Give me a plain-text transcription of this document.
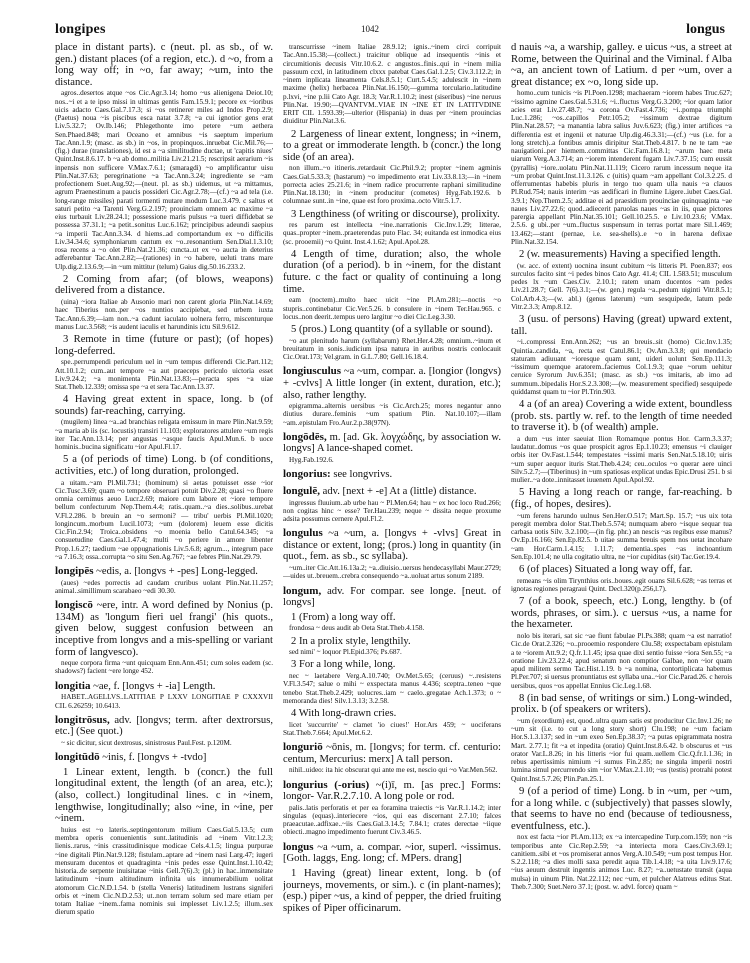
longipes	1042	longus

place in distant parts). c (neut. pl. as sb., of w. gen.) distant places (of a region, etc.). d ~o, from a long way off; in ~o, far away; ~um, into the distance.

agros..desertos atque ~os Cic.Agr.3.14; homo ~us alienigena Deiot.10; nos..~i et a te ipso missi in ultimas gentis Fam.15.9.1; pecore ex ~ioribus uicis adacto Caes.Gal.7.17.3; si ~os retinerer miles ad Indos Prop.2.9; (Paetus) noua ~is piscibus esca natat 3.7.8; ~a cui ignotior gens erat Liv.5.32.7; Ov.Ib.146; Phlegethonte imo petere ~um aethera Sen.Phaed.848; mari Oceano et amnibus ~is saeptum imperium Tac.Ann.1.9; (masc. as sb.) in ~os, in propinquos..inruebat Cic.Mil.76;—(fig.) durae (translationes), id est a ~a similitudine ductae, ut 'capitis niues' Quint.Inst.8.6.17. b ~a ab domo..militia Liv.21.21.5; rescripsit aerarium ~is inpensis non sufficere V.Max.7.6.1; (smaragdi) ~o amplificantur uisu Plin.Nat.37.63; peregrinatione ~a Tac.Ann.3.24; ingrediente se ~am profectionem Suet.Aug.92;—(neut. pl. as sb.) uidemus, ut ~a mittamus, agrum Praenestinum a paucis possideri Cic.Agr.2.78;—(cf.) ~a ad tela (i.e. long-range missiles) parati tormenti mutare modum Luc.3.479. c saltus et saturi petito ~a Tarenti Verg.G.2.197; prouinciam omnem ac maxime ~a eius turbauit Liv.28.24.1; possessione maris pulsus ~a tueri diffidebat se possessa 37.31.1; ~a petit..sonitus Luc.6.162; principibus adeundi saepius ~a imperii Tac.Ann.3.34. d hiems..ad comportandum ex ~o difficilis Liv.34.34.6; symphoniarum cantum ex ~o..resonantium Sen.Dial.1.3.10; rosa recens a ~o olet Plin.Nat.21.36; cuncta..ut ex ~o aucta in deterius adferebantur Tac.Ann.2.82;—(rationes) in ~o habere, ueluti trans mare Ulp.dig.2.13.6.9;—in ~um mittitur (telum) Gaius dig.50.16.233.2.

2 Coming from afar; (of blows, weapons) delivered from a distance.

(uina) ~iora Italiae ab Ausonio mari non carent gloria Plin.Nat.14.69; haec Tiberius non..per ~os nuntios accipiebat, sed urbem iuxta Tac.Ann.6.39;—iam non..~a cadunt iaculato uolnera ferro, miscenturque manus Luc.3.568; ~is audent iaculis et harundinis ictu Sil.9.612.

3 Remote in time (future or past); (of hopes) long-deferred.

spe..perrumpendi periculum uel in ~um tempus differendi Cic.Part.112; Att.10.1.2; cum..aut tempore ~a aut praeceps periculo uictoria esset Liv.9.24.2; ~a monimenta Plin.Nat.13.83;—peracta spes ~a uiae Stat.Theb.12.339; omissa spe ~a et sera Tac.Ann.13.37.

4 Having great extent in space, long. b (of sounds) far-reaching, carrying.

(mugilem) linea ~a..ad branchias religata emissum in mare Plin.Nat.9.59; ~a maria ab iis (sc. locustis) transiri 11.103; exploratores attulere ~um regis iter Tac.Ann.13.14; per angustas ~asque faucis Apul.Mun.6. b uoce hominis..bucina significatu ~ior Apul.Fl.17.

5 a (of periods of time) Long. b (of conditions, activities, etc.) of long duration, prolonged.

a uitam..~am Pl.Mil.731; (hominum) si aetas potuisset esse ~ior Cic.Tusc.3.69; quam ~o tempore obseruari potuit Div.2.28; quasi ~o fluere omnia cernimus aeuo Lucr.2.69; maiore cum labore et ~iore tempore bellum confecturum Nep.Them.4.4; ratis..quam..~a dies..solibus..urebat V.Fl.2.286. b breuin an ~o sermoni? — tribu' uerbis Pl.Mil.1020; longincum..morbum Lucil.1073; ~um (dolorem) leuem esse dicitis Cic.Fin.2.94; Troica..obsidens ~o moenia bello Catul.64.345; ~a consuetudine Caes.Gal.1.47.4; multi ~o periere in amore libenter Prop.1.6.27; taedium ~ae oppugnationis Liv.5.6.8; agrum..., integrum pace ~a 7.16.3; ossa..corrupta ~o situ Sen.Ag.767; ~ae febres Plin.Nat.29.79.

longipēs ~edis, a. [longvs + -pes] Long-legged.

(aues) ~edes porrectis ad caudam cruribus uolant Plin.Nat.11.257; animal..simillimum scarabaeo ~edi 30.30.

longiscō ~ere, intr. A word defined by Nonius (p. 134M) as 'longum fieri uel frangi' (his quots., given below, suggest confusion between an inceptive from longvs and a mis-spelling or variant form of langvesco).

neque corpora firma ~unt quicquam Enn.Ann.451; cum soles eadem (sc. shadows?) facient ~ere longe 452.

longitia ~ae, f. [longvs + -ia] Length.

HABET..AGELLVS..LATITIAE P LXXV LONGITIAE P CXXXVII CIL 6.26259; 10.6413.

longitrōsus, adv. [longvs; term. after dextrorsus, etc.] (See quot.)

~ sic dicitur, sicut dextrosus, sinistrosus Paul.Fest. p.120M.

longitūdō ~inis, f. [longvs + -tvdo]

1 Linear extent, length. b (concr.) the full longitudinal extent, the length (of an area, etc.); (also, collect.) longitudinal lines. c in ~inem, lengthwise, longitudinally; also ~ine, in ~ine, per ~inem.

huius est ~o lateris..septingentorum milium Caes.Gal.5.13.5; cum membra operis conuenientis sunt..latitudinis ad ~inem Vitr.1.2.3; lienis..rarus, ~inis crassitudinisque modicae Cels.4.1.5; lingua purpurae ~ine digitali Plin.Nat.9.128; fistulam..aptare ad ~inem nasi Larg.47; iugeri mensuram ducentos et quadraginta ~inis pedes esse Quint.Inst.1.10.42; historia..de serpente inuisitatae ~inis Gell.7(6).3; (pl.) in hac..inmensitate latitudinum ~inum altitudinum infinita uis innumerabilium uolitat atomorum Cic.N.D.1.54. b (stella Veneris) latitudinem lustrans signiferi orbis et ~inem Cic.N.D.2.53; ut..non terram solum sed mare etiam per totam Italiae ~inem..fama nominis sui implesset Liv.1.2.5; illum..sex dierum spatio

transcurrisse ~inem Italiae 28.9.12; ignis..~inem circi corripuit Tac.Ann.15.38;—(collect.) traicitur oblique ad insequentis ~inis et circumitionis decusis Vitr.10.6.2. c angustos..finis..qui in ~inem milia passuum ccxl, in latitudinem clxxx patebat Caes.Gal.1.2.5; Civ.3.112.2; in ~inem inplicata lineamenta Cels.8.5.1; Curt.5.4.5; adulescit in ~inem maxime (helix) herbacea Plin.Nat.16.150;—gumma torculario..latitudine p.lxvi, ~ine p.lii Cato Agr. 18.3; Var.R.1.10.2; inest (siseribus) ~ine neruus Plin.Nat. 19.90;—QVANTVM..VIAE IN ~INE ET IN LATITVDINE ERIT CIL 1.593.39;—ulterior (Hispania) in duas per ~inem prouincias diuiditur Plin.Nat.3.6.

2 Largeness of linear extent, longness; in ~inem, to a great or immoderate length. b (concr.) the long side (of an area).

non illum..~o itineris..retardauit Cic.Phil.9.2; propter ~inem agminis Caes.Gal.5.33.3; (hastarum) ~o impedimento erat Liv.33.8.13;—in ~inem porrecta acies 25.21.6; in ~inem radice procurrente raphani similitudine Plin.Nat.18.130; in ~inem producitur (cometes) Hyg.Fab.192.6. b columnae sunt..in ~ine, quae est foro proxima..octo Vitr.5.1.7.

3 Lengthiness (of writing or discourse), prolixity.

res parum est intellecta ~ine..narrationis Cic.Inv.1.29; litterae, quas..propter ~inem..praeterendas puto Flac. 34; euitanda est inmodica eius (sc. prooemii) ~o Quint. Inst.4.1.62; Apul.Apol.28.

4 Length of time, duration; also, the whole duration (of a period). b in ~inem, for the distant future. c the fact or quality of continuing a long time.

eam (noctem)..multo haec uicit ~ine Pl.Am.281;—noctis ~o stupris..continebatur Cic.Ver.5.26. b consulere in ~inem Ter.Hau.965. c locus..non deerit..tempus uero largitur ~o diei Cic.Leg.3.30.

5 (pros.) Long quantity (of a syllable or sound).

~o aut plenitudo harum (syllabarum) Rhet.Her.4.28; omnium..~inum et breuitatum in sonis..iudicium ipsa natura in auribus nostris conlocauit Cic.Orat.173; Vel.gram. in G.L.7.80; Gell.16.18.4.

longiusculus ~a ~um, compar. a. [longior (longvs) + -cvlvs] A little longer (in extent, duration, etc.); also, rather lengthy.

epigramma..alternis uersibus ~is Cic.Arch.25; mores negantur anno diutius durare..feminis ~um spatium Plin. Nat.10.107;—illam ~am..epistulam Fro.Aur.2.p.38(97N).

longōdēs, m. [ad. Gk. λογχώδης, by association w. longvs] A lance-shaped comet.

Hyg.Fab.192.6.

longorius: see longvrivs.

longulē, adv. [next + -e] At a (little) distance.

ingressus fluuium..ab urbe hau ~ Pl.Men.64; hau ~ ex hoc loco Rud.266; non cogitas hinc ~ esse? Ter.Hau.239; neque ~ dissita neque proxume adsita possumus cernere Apul.Fl.2.

longulus ~a ~um, a. [longvs + -vlvs] Great in distance or extent, long; (pros.) long in quantity (in quot., fem. as sb., sc syllaba).

~um..iter Cic.Att.16.13a.2; ~a..diuisio..uersus hendecasyllabi Maur.2729;—uides ut..breuem..crebra consequendo ~a..uoluat artus sonum 2189.

longum, adv. For compar. see longe. [neut. of longvs]

1 (From) a long way off.

frondosa ~ deus audit ab Oeta Stat.Theb.4.158.

2 In a prolix style, lengthily.

sed nimi' ~ loquor Pl.Epid.376; Ps.687.

3 For a long while, long.

nec ~ laetabere Verg.A.10.740; Ov.Met.5.65; (ceruus) ~..resistens V.Fl.3.547; salue o mihi ~ exspectata manus 4.436; sceptra..teneo ~que tenebo Stat.Theb.2.429; uolucres..iam ~ caelo..gregatae Ach.1.373; o ~ memoranda dies! Silv.1.3.13; 3.2.58.

4 With long-drawn cries.

licet 'succurrite' ~ clamet 'io ciues!' Hor.Ars 459; ~ uociferans Stat.Theb.7.664; Apul.Met.6.2.

longuriō ~ōnis, m. [longvs; for term. cf. centurio: centum, Mercurius: merx] A tall person.

nihil..uideo: ita hic obscurat qui ante me est, nescio qui ~o Var.Men.562.

longurius (-orius) ~(i)ī, m. [as prec.] Forms: longor- Var.R.2.7.10. A long pole or rod.

palis..latis perforatis et per ea foramina traiectis ~is Var.R.1.14.2; inter singulas (equas)..interiecere ~ios, qui eas discernant 2.7.10; falces praeacutae..adfixae..~iis Caes.Gal.3.14.5; 7.84.1; crates derectae ~iique obiecti..magno impedimento fuerunt Civ.3.46.5.

longus ~a ~um, a. compar. ~ior, superl. ~issimus. [Goth. laggs, Eng. long; cf. MPers. drang]

1 Having (great) linear extent, long. b (of journeys, movements, or sim.). c (in plant-names); (esp.) piper ~us, a kind of pepper, the dried fruiting spikes of Piper officinarum.

d nauis ~a, a warship, galley. e uicus ~us, a street at Rome, between the Quirinal and the Viminal. f Alba ~a, an ancient town of Latium. d per ~um, over a great distance; ex ~o, long side up.

homo..cum tunicis ~is Pl.Poen.1298; machaeram ~iorem habes Truc.627; ~issimo agmine Caes.Gal.5.31.6; ~i..fluctus Verg.G.3.200; ~ior quam latior acies erat Liv.27.48.7; ~a corona Ov.Fast.4.736; ~i..pompa triumphi Luc.1.286; ~os..capillos Petr.105.2; ~issimum dextrae digitum Plin.Nat.28.57; ~a manantia labra salius Juv.6.623; (fig.) inter artifices ~a differentia est et ingenii et naturae Ulp.dig.46.3.31;—(cf.) ~us (i.e. for a long stretch)..a fontibus amnis diripitur Stat.Theb.4.817. b ne te tam ~ae nauigationi..per hiemem..committas Cic.Fam.16.8.1; ~arum haec meta uiarum Verg.A.3.714; an ~iorem intenderent fugam Liv.7.37.15; cum eussit (pyrallis) ~iore..uolatu Plin.Nat.11.119; Cicero rarum incessum neque ita ~um probat Quint.Inst.11.3.126. c (uitis) quam ~am appellant Col.3.2.25. d offerrumentas habebis pluris in tergo tuo quam ulla nauis ~a clauos Pl.Rud.754; nauis interim ~as aedificari in flumine Ligere..iubet Caes.Gal. 3.9.1; Nep.Them.2.5; additae ei ad praesidium prouinciae quinquaginta ~ae naues Liv.27.22.6; quod..adiecerit paruolas naues ~as in iis, quae pictores parergia appellant Plin.Nat.35.101; Gell.10.25.5. e Liv.10.23.6; V.Max. 2.5.6. g ubi..per ~um..fluctus suspensum in terras portat mare Sil.1.469; 13.462;—stant (pernae, i.e. sea-shells)..e ~o in harena defixae Plin.Nat.32.154.

2 (w. measurements) Having a specified length.

(w. acc. of extent) uocnina insunt cubitum ~is litteris Pl. Poen.837; eos surculos facito sint ~i pedes binos Cato Agr. 41.4; CIL 1.583.51; musculum pedes lx ~um Caes.Civ. 2.10.1; ratem unam ducentos ~am pedes Liv.21.28.7; Gell. 7(6).3.1;—(w. gen.) regula ~a..pedum uiginti Vitr.8.5.1; Col.Arb.4.3;—(w. abl.) (genus laterum) ~um sesquipede, latum pede Vitr.2.3.3; Amp.8.12.

3 (usu. of persons) Having (great) upward extent, tall.

~i..compressi Enn.Ann.262; ~us an breuis..sit (homo) Cic.Inv.1.35; Quintia..candida, ~a, recta est Catul.86.1; Ov.Am.3.3.8; qui mendacio staturam adiuuant ~ioresque quam sunt, uideri uolunt Sen.Ep.111.3; ~issimum quemque aratorem..faciemus Col.1.9.3; quae ~orum uehitur ceruice Syrorum Juv.6.351; (masc. as sb.) ~os imitaris, ab imo ad summum..bipedalis Hor.S.2.3.308;—(w. measurement specified) sesquipede quiddamst quam tu ~ior Pl.Trin.903.

4 a (of an area) Covering a wide extent, boundless (prob. sts. partly w. ref. to the length of time needed to traverse it). b (of wealth) ample.

a dum ~us inter saeuiat Ilion Romamque pontus Hor. Carm.3.3.37; laudatur..domus ~os quae prospicit agros Ep.1.10.23; emensus ~i clauiger orbis iter Ov.Fast.1.544; tempestates ~issimi maris Sen.Nat.5.18.10; uiris ~um super aequor ituris Stat.Theb.4.24; ceu..oculos ~o querar aere uinci Silv.5.2.7;—(Tiberinus) in ~um spatiosas explicat undas Epic.Drusi 251. b si mulier..~a dote..innitasset iuuenem Apul.Apol.92.

5 Having a long reach or range, far-reaching. b (fig., of hopes, desires).

~um ferens harundo uulnus Sen.Her.O.517; Mart.Sp. 15.7; ~us uix tota peregit membra dolor Stat.Theb.5.574; numquam abero ~isque sequar tua carbasa uotis Silv. 3.2.100;—(in fig. phr.) an nescis ~as regibus esse manus? Ov.Ep.16.166; Sen.Ep.82.5. b uitae summa breuis spem nos uetat incohare ~am Hor.Carm.1.4.15; 1.11.7; dementia..spes ~as inchoantium Sen.Ep.101.4; ne ulla cogitatio ultra, ne ~ior cupiditas (sit) Tac.Ger.19.4.

6 (of places) Situated a long way off, far.

remeans ~is olim Tirynthius oris..boues..egit ouans Sil.6.628; ~as terras et ignotas regiones peragraui Quint. Decl.320(p.256,l.7).

7 (of a book, speech, etc.) Long, lengthy. b (of words, phrases, or sim.). c uersus ~us, a name for the hexameter.

nolo bis iterari, sat sic ~ae fiunt fabulae Pl.Ps.388; quam ~a est narratio! Cic.de Orat.2.326; ~o..prooemio respondere Clu.58; exspectabam epistulam a te ~iorem Att.9.2; Q.fr.1.1.45; ipsa quae dixi sentio fuisse ~iora Sen.55; ~a oratione Liv.23.22.4; apud senatum non comptior Galbae, non ~ior quam apud militem sermo Tac.Hist.1.19. b ~a nomina, contortiplicata habemus Pl.Per.707; si uersus pronuntiatus est syllaba una..~ior Cic.Parad.26. c herois uersibus, quos ~os appellat Ennius Cic.Leg.1.68.

8 (in bad sense, of writings or sim.) Long-winded, prolix. b (of speakers or writers).

~um (exordium) est, quod..ultra quam satis est producitur Cic.Inv.1.26; ne ~um sit (i.e. to cut a long story short) Clu.198; ne ~um faciam Hor.S.1.3.137; sed in ~um exeo Sen.Ep.38.37; ~a putas epigrammata nostra Mart. 2.77.1; fit ~a et inpedita (oratio) Quint.Inst.8.6.42. b obscurus et ~us orator Var.L.8.26; in his litteris ~ior fui quam..uellem Cic.Q.fr.1.1.36; in rebus apertissimis nimium ~i sumus Fin.2.85; ne singula imperii nostri lumina simul percurrendo sim ~ior V.Max.2.1.10; ~us (testis) protrahi potest Quint.Inst.5.7.26; Plin.Pan.25.1.

9 (of a period of time) Long. b in ~um, per ~um, for a long while. c (subjectively) that passes slowly, that seems to have no end (because of tediousness, eventfulness, etc.).

nox est facta ~ior Pl.Am.113; ex ~a intercapedine Turp.com.159; non ~is temporibus ante Cic.Rep.2.59; ~a interiecta mora Caes.Civ.3.69.1; canitiem..sibi et ~os promiserat annos Verg.A.10.549; ~um post tempus Hor. S.2.2.118; ~a dies molli saxa peredit aqua Tib.1.4.18; ~a uita Liv.9.17.6; ~ius aeuum destruit ingentis animos Luc. 8.27; ~a..uetustate transit (aqua mulsa) in uinum Plin. Nat.22.112; nec ~um, et pulcher Alatreus editus Stat. Theb.7.300; Suet.Nero 37.1; (post. w. advl. force) quam ~
